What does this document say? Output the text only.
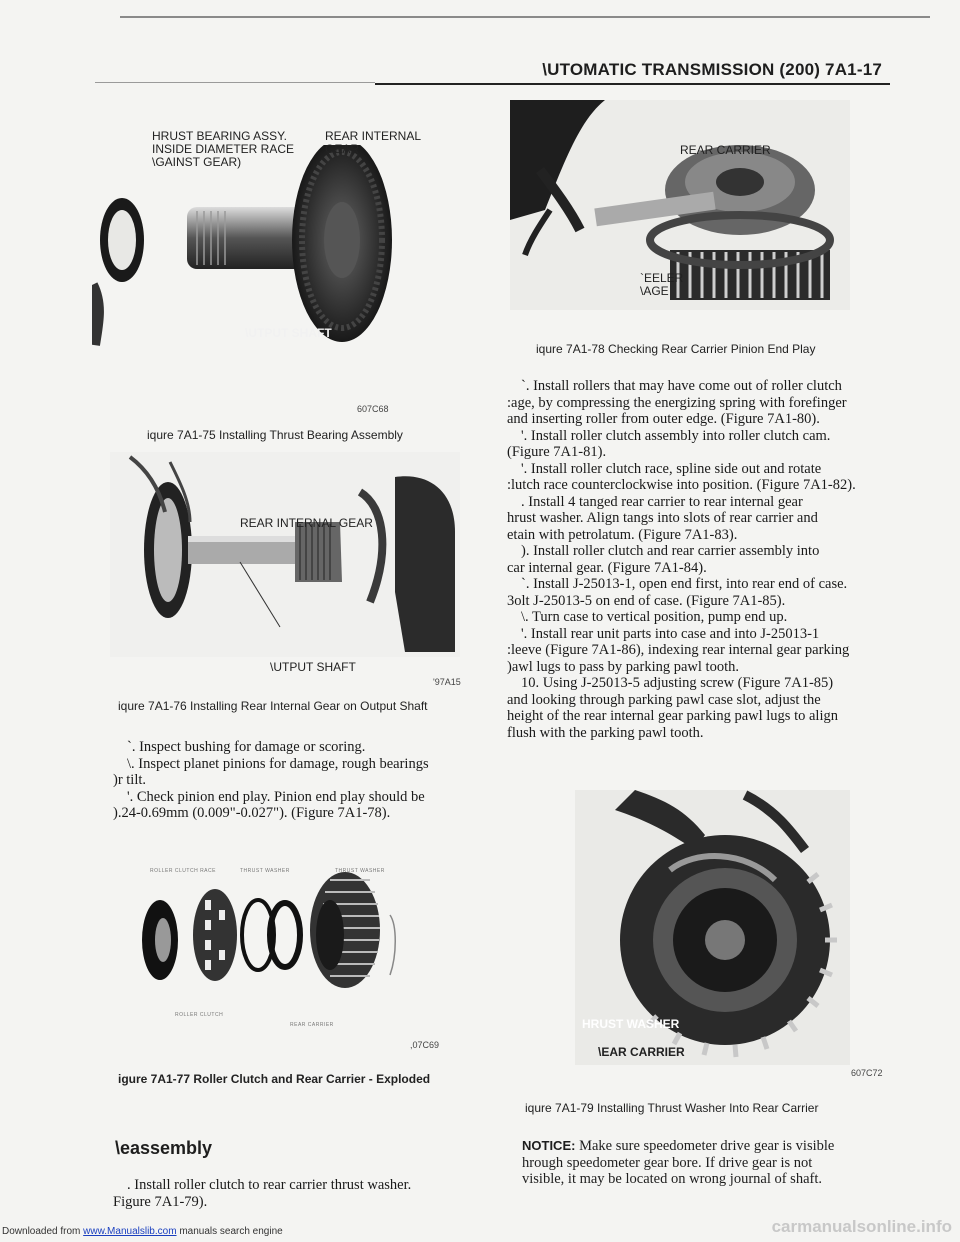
\UTOMATIC TRANSMISSION (200) 7A1-17
HRUST BEARING ASSY.
INSIDE DIAMETER RACE
\GAINST GEAR)
REAR INTERNAL
GEAR
\UTPUT SHAFT
607C68
iqure 7A1-75 Installing Thrust Bearing Assembly
REAR INTERNAL GEAR
\UTPUT SHAFT
'97A15
iqure 7A1-76 Installing Rear Internal Gear on Output Shaft

`. Inspect bushing for damage or scoring.

\. Inspect planet pinions for damage, rough bearings

)r tilt.

'. Check pinion end play. Pinion end play should be

).24-0.69mm (0.009"-0.027"). (Figure 7A1-78).

ROLLER CLUTCH RACE	THRUST WASHER	THRUST WASHER
ROLLER CLUTCH
REAR CARRIER
,07C69
igure 7A1-77 Roller Clutch and Rear Carrier - Exploded
\eassembly

. Install roller clutch to rear carrier thrust washer.

Figure 7A1-79).

REAR CARRIER
`EELER
\AGE
iqure 7A1-78 Checking Rear Carrier Pinion End Play

`. Install rollers that may have come out of roller clutch

:age, by compressing the energizing spring with forefinger

and inserting roller from outer edge. (Figure 7A1-80).

'. Install roller clutch assembly into roller clutch cam.

(Figure 7A1-81).

'. Install roller clutch race, spline side out and rotate

:lutch race counterclockwise into position. (Figure 7A1-82).

. Install 4 tanged rear carrier to rear internal gear

hrust washer. Align tangs into slots of rear carrier and

etain with petrolatum. (Figure 7A1-83).

). Install roller clutch and rear carrier assembly into

car internal gear. (Figure 7A1-84).

`. Install J-25013-1, open end first, into rear end of case.

3olt J-25013-5 on end of case. (Figure 7A1-85).

\. Turn case to vertical position, pump end up.

'. Install rear unit parts into case and into J-25013-1

:leeve (Figure 7A1-86), indexing rear internal gear parking

)awl lugs to pass by parking pawl tooth.

10. Using J-25013-5 adjusting screw (Figure 7A1-85)

and looking through parking pawl case slot, adjust the

height of the rear internal gear parking pawl lugs to align

flush with the parking pawl tooth.

HRUST WASHER
\EAR CARRIER
607C72
iqure 7A1-79 Installing Thrust Washer Into Rear Carrier

NOTICE: Make sure speedometer drive gear is visible

hrough speedometer gear bore. If drive gear is not

visible, it may be located on wrong journal of shaft.

Downloaded from www.Manualslib.com manuals search engine	carmanualsonline.info
